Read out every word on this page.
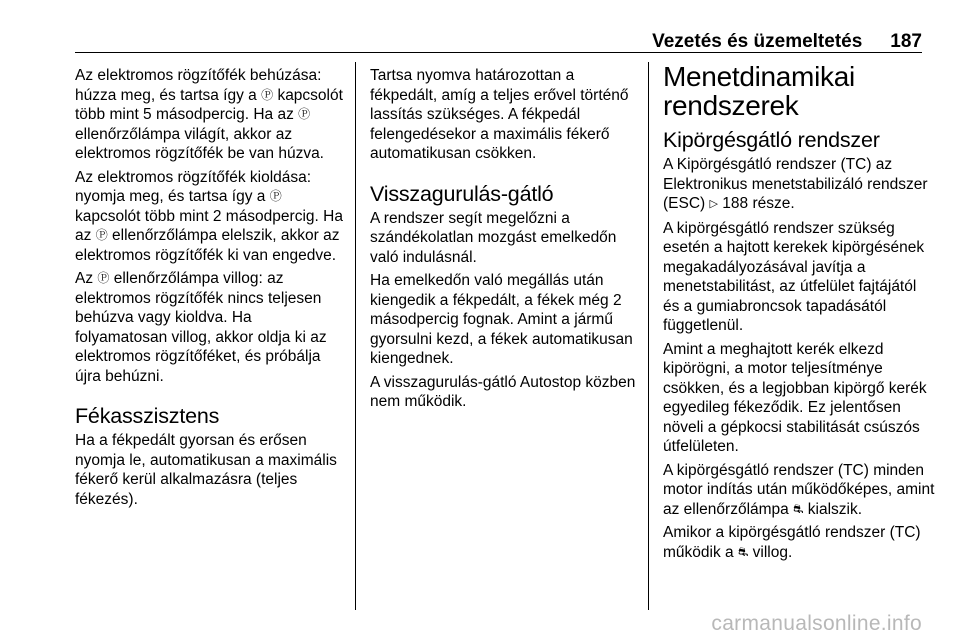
Vezetés és üzemeltetés 187

Az elektromos rögzítőfék behúzása: húzza meg, és tartsa így a Ⓟ kapcsolót több mint 5 másodpercig. Ha az Ⓟ ellenőrzőlámpa világít, akkor az elektromos rögzítőfék be van húzva.

Az elektromos rögzítőfék kioldása: nyomja meg, és tartsa így a Ⓟ kapcsolót több mint 2 másodpercig. Ha az Ⓟ ellenőrzőlámpa elelszik, akkor az elektromos rögzítőfék ki van engedve.

Az Ⓟ ellenőrzőlámpa villog: az elektromos rögzítőfék nincs teljesen behúzva vagy kioldva. Ha folyamatosan villog, akkor oldja ki az elektromos rögzítőféket, és próbálja újra behúzni.

Fékasszisztens

Ha a fékpedált gyorsan és erősen nyomja le, automatikusan a maximális fékerő kerül alkalmazásra (teljes fékezés).

Tartsa nyomva határozottan a fékpedált, amíg a teljes erővel történő lassítás szükséges. A fékpedál felengedésekor a maximális fékerő automatikusan csökken.

Visszagurulás-gátló

A rendszer segít megelőzni a szándékolatlan mozgást emelkedőn való indulásnál.

Ha emelkedőn való megállás után kiengedik a fékpedált, a fékek még 2 másodpercig fognak. Amint a jármű gyorsulni kezd, a fékek automatikusan kiengednek.

A visszagurulás-gátló Autostop közben nem működik.

Menetdinamikai rendszerek
Kipörgésgátló rendszer

A Kipörgésgátló rendszer (TC) az Elektronikus menetstabilizáló rendszer (ESC) ▷ 188 része.

A kipörgésgátló rendszer szükség esetén a hajtott kerekek kipörgésének megakadályozásával javítja a menetstabilitást, az útfelület fajtájától és a gumiabroncsok tapadásától függetlenül.

Amint a meghajtott kerék elkezd kipörögni, a motor teljesítménye csökken, és a legjobban kipörgő kerék egyedileg fékeződik. Ez jelentősen növeli a gépkocsi stabilitását csúszós útfelületen.

A kipörgésgátló rendszer (TC) minden motor indítás után működőképes, amint az ellenőrzőlámpa ⛐ kialszik.

Amikor a kipörgésgátló rendszer (TC) működik a ⛐ villog.

carmanualsonline.info
